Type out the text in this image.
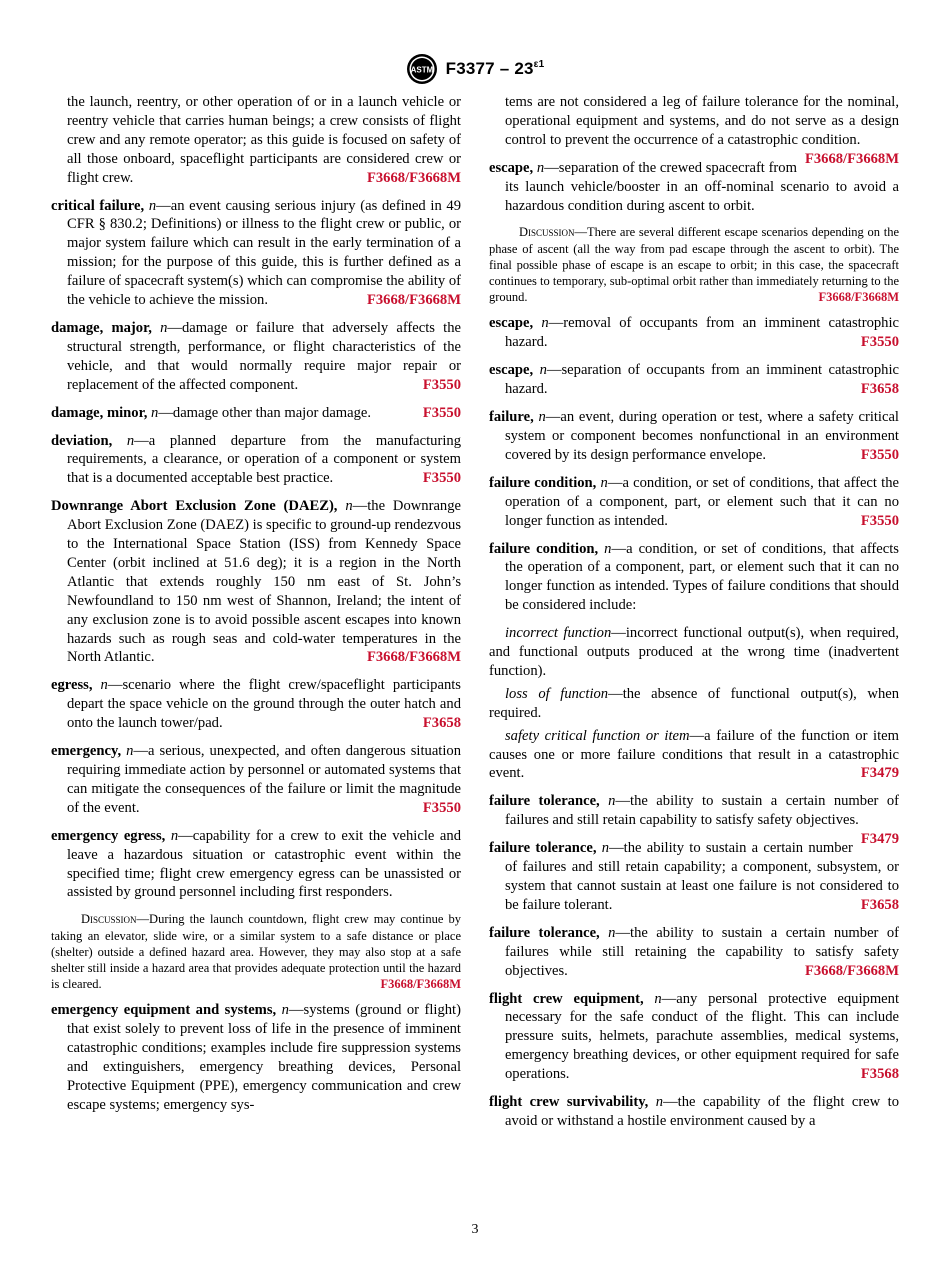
ASTM $F3377 - 23^{\varepsilon 1}$

the launch, reentry, or other operation of or in a launch vehicle or reentry vehicle that carries human beings; a crew consists of flight crew and any remote operator; as this guide is focused on safety of all those onboard, spaceflight participants are considered crew or flight crew.	F3668/F3668M

critical failure, n—an event causing serious injury (as defined in 49 CFR § 830.2; Definitions) or illness to the flight crew or public, or major system failure which can result in the early termination of a mission; for the purpose of this guide, this is further defined as a failure of spacecraft system(s) which can compromise the ability of the vehicle to achieve the mission.	F3668/F3668M

damage, major, n—damage or failure that adversely affects the structural strength, performance, or flight characteristics of the vehicle, and that would normally require major repair or replacement of the affected component.	F3550

damage, minor, n—damage other than major damage.	F3550

deviation, n—a planned departure from the manufacturing requirements, a clearance, or operation of a component or system that is a documented acceptable best practice.	F3550

Downrange Abort Exclusion Zone (DAEZ), n—the Downrange Abort Exclusion Zone (DAEZ) is specific to ground-up rendezvous to the International Space Station (ISS) from Kennedy Space Center (orbit inclined at 51.6 deg); it is a region in the North Atlantic that extends roughly 150 nm east of St. John’s Newfoundland to 150 nm west of Shannon, Ireland; the intent of any exclusion zone is to avoid possible ascent escapes into known hazards such as rough seas and cold-water temperatures in the North Atlantic.	F3668/F3668M

egress, n—scenario where the flight crew/spaceflight participants depart the space vehicle on the ground through the outer hatch and onto the launch tower/pad.	F3658

emergency, n—a serious, unexpected, and often dangerous situation requiring immediate action by personnel or automated systems that can mitigate the consequences of the failure or limit the magnitude of the event.	F3550

emergency egress, n—capability for a crew to exit the vehicle and leave a hazardous situation or catastrophic event within the specified time; flight crew emergency egress can be unassisted or assisted by ground personnel including first responders.

Discussion—During the launch countdown, flight crew may continue by taking an elevator, slide wire, or a similar system to a safe distance or place (shelter) outside a defined hazard area. However, they may also stop at a safe shelter still inside a hazard area that provides adequate protection until the hazard is cleared.	F3668/F3668M

emergency equipment and systems, n—systems (ground or flight) that exist solely to prevent loss of life in the presence of imminent catastrophic conditions; examples include fire suppression systems and extinguishers, emergency breathing devices, Personal Protective Equipment (PPE), emergency communication and crew escape systems; emergency sys-

tems are not considered a leg of failure tolerance for the nominal, operational equipment and systems, and do not serve as a design control to prevent the occurrence of a catastrophic condition.
F3668/F3668M

escape, n—separation of the crewed spacecraft from its launch vehicle/booster in an off-nominal scenario to avoid a hazardous condition during ascent to orbit.

Discussion—There are several different escape scenarios depending on the phase of ascent (all the way from pad escape through the ascent to orbit). The final possible phase of escape is an escape to orbit; in this case, the spacecraft continues to temporary, sub-optimal orbit rather than immediately returning to the ground.	F3668/F3668M

escape, n—removal of occupants from an imminent catastrophic hazard.	F3550

escape, n—separation of occupants from an imminent catastrophic hazard.	F3658

failure, n—an event, during operation or test, where a safety critical system or component becomes nonfunctional in an environment covered by its design performance envelope.	F3550

failure condition, n—a condition, or set of conditions, that affect the operation of a component, part, or element such that it can no longer function as intended.	F3550

failure condition, n—a condition, or set of conditions, that affects the operation of a component, part, or element such that it can no longer function as intended. Types of failure conditions that should be considered include:

incorrect function—incorrect functional output(s), when required, and functional outputs produced at the wrong time (inadvertent function).

loss of function—the absence of functional output(s), when required.

safety critical function or item—a failure of the function or item causes one or more failure conditions that result in a catastrophic event.	F3479

failure tolerance, n—the ability to sustain a certain number of failures and still retain capability to satisfy safety objectives.
F3479

failure tolerance, n—the ability to sustain a certain number of failures and still retain capability; a component, subsystem, or system that cannot sustain at least one failure is not considered to be failure tolerant.	F3658

failure tolerance, n—the ability to sustain a certain number of failures while still retaining the capability to satisfy safety objectives.	F3668/F3668M

flight crew equipment, n—any personal protective equipment necessary for the safe conduct of the flight. This can include pressure suits, helmets, parachute assemblies, medical systems, emergency breathing devices, or other equipment required for safe operations.	F3568

flight crew survivability, n—the capability of the flight crew to avoid or withstand a hostile environment caused by a

3
